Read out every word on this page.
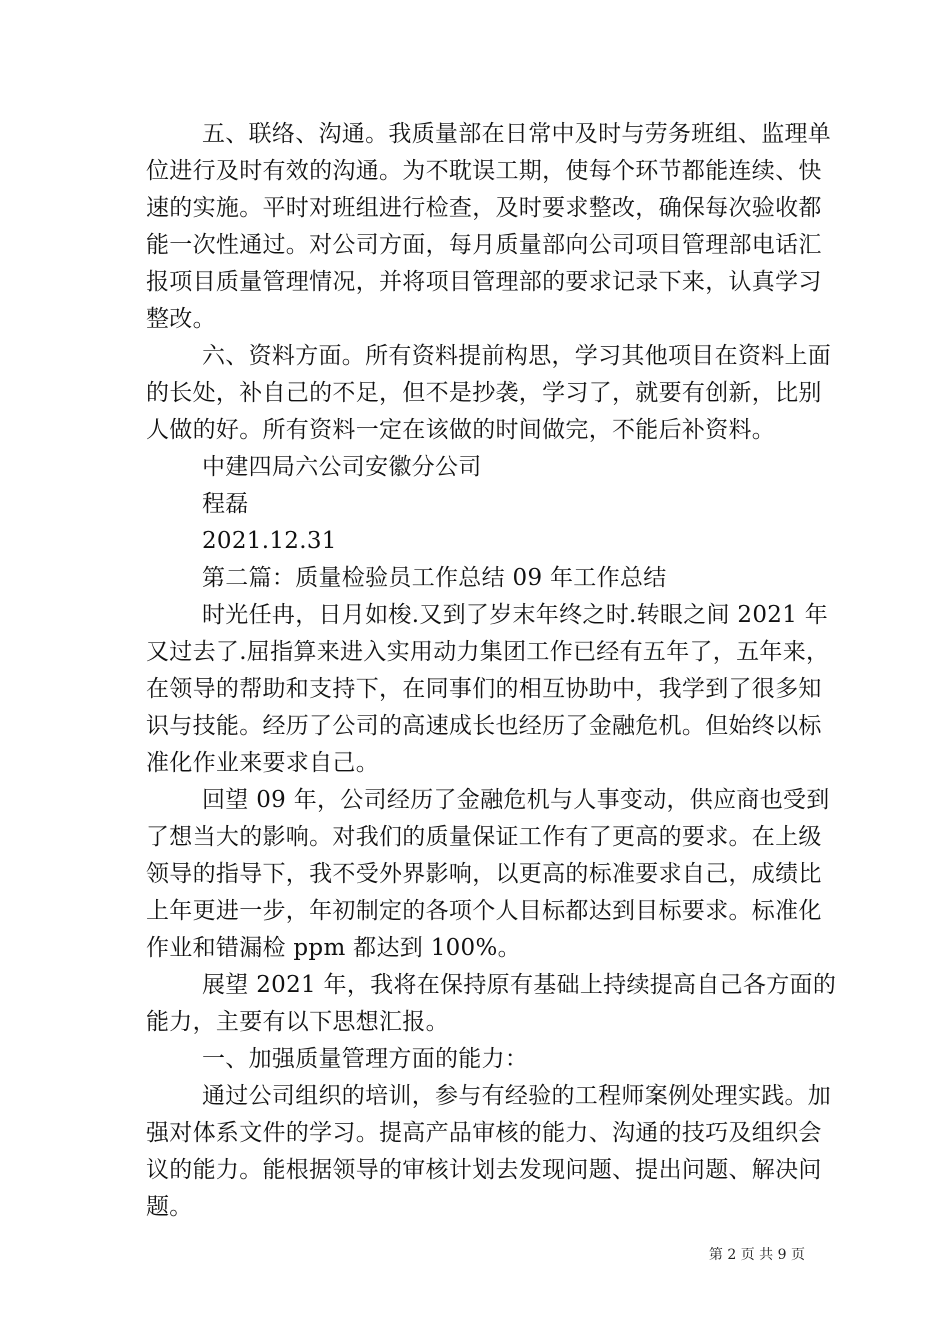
五、联络、沟通。我质量部在日常中及时与劳务班组、监理单
位进行及时有效的沟通。为不耽误工期，使每个环节都能连续、快
速的实施。平时对班组进行检查，及时要求整改，确保每次验收都
能一次性通过。对公司方面，每月质量部向公司项目管理部电话汇
报项目质量管理情况，并将项目管理部的要求记录下来，认真学习
整改。
六、资料方面。所有资料提前构思，学习其他项目在资料上面
的长处，补自己的不足，但不是抄袭，学习了，就要有创新，比别
人做的好。所有资料一定在该做的时间做完，不能后补资料。
中建四局六公司安徽分公司
程磊
2021.12.31
第二篇：质量检验员工作总结 09 年工作总结
时光任冉，日月如梭.又到了岁末年终之时.转眼之间 2021 年
又过去了.屈指算来进入实用动力集团工作已经有五年了，五年来，
在领导的帮助和支持下，在同事们的相互协助中，我学到了很多知
识与技能。经历了公司的高速成长也经历了金融危机。但始终以标
准化作业来要求自己。
回望 09 年，公司经历了金融危机与人事变动，供应商也受到
了想当大的影响。对我们的质量保证工作有了更高的要求。在上级
领导的指导下，我不受外界影响，以更高的标准要求自己，成绩比
上年更进一步，年初制定的各项个人目标都达到目标要求。标准化
作业和错漏检 ppm 都达到 100%。
展望 2021 年，我将在保持原有基础上持续提高自己各方面的
能力，主要有以下思想汇报。
一、加强质量管理方面的能力：
通过公司组织的培训，参与有经验的工程师案例处理实践。加
强对体系文件的学习。提高产品审核的能力、沟通的技巧及组织会
议的能力。能根据领导的审核计划去发现问题、提出问题、解决问
题。
第 2 页 共 9 页
